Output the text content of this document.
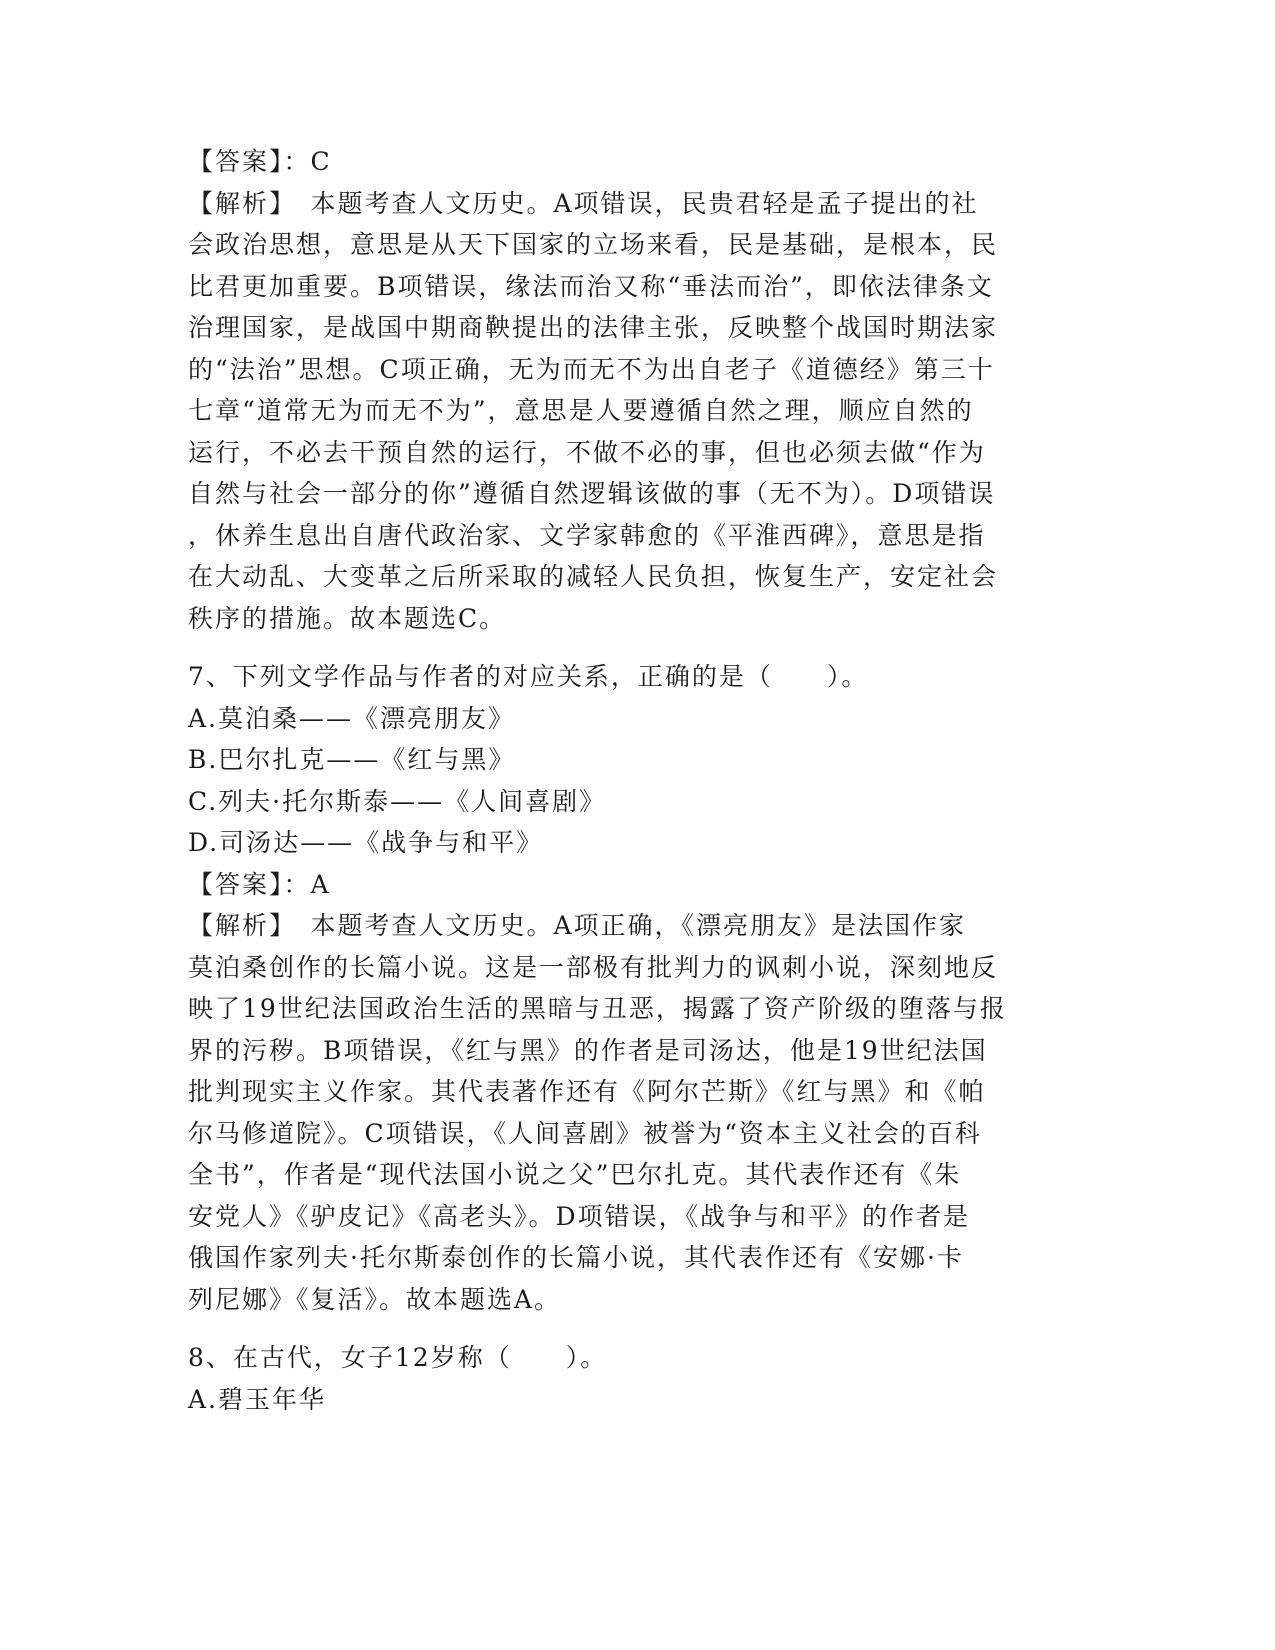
【答案】：C

【解析】　本题考查人文历史。A项错误，民贵君轻是孟子提出的社

会政治思想，意思是从天下国家的立场来看，民是基础，是根本，民

比君更加重要。B项错误，缘法而治又称“垂法而治”，即依法律条文

治理国家，是战国中期商鞅提出的法律主张，反映整个战国时期法家

的“法治”思想。C项正确，无为而无不为出自老子《道德经》第三十

七章“道常无为而无不为”，意思是人要遵循自然之理，顺应自然的

运行，不必去干预自然的运行，不做不必的事，但也必须去做“作为

自然与社会一部分的你”遵循自然逻辑该做的事（无不为）。D项错误

，休养生息出自唐代政治家、文学家韩愈的《平淮西碑》，意思是指

在大动乱、大变革之后所采取的减轻人民负担，恢复生产，安定社会

秩序的措施。故本题选C。

7、下列文学作品与作者的对应关系，正确的是（　　）。

A.莫泊桑——《漂亮朋友》

B.巴尔扎克——《红与黑》

C.列夫·托尔斯泰——《人间喜剧》

D.司汤达——《战争与和平》

【答案】：A

【解析】　本题考查人文历史。A项正确，《漂亮朋友》是法国作家

莫泊桑创作的长篇小说。这是一部极有批判力的讽刺小说，深刻地反

映了19世纪法国政治生活的黑暗与丑恶，揭露了资产阶级的堕落与报

界的污秽。B项错误，《红与黑》的作者是司汤达，他是19世纪法国

批判现实主义作家。其代表著作还有《阿尔芒斯》《红与黑》和《帕

尔马修道院》。C项错误，《人间喜剧》被誉为“资本主义社会的百科

全书”，作者是“现代法国小说之父”巴尔扎克。其代表作还有《朱

安党人》《驴皮记》《高老头》。D项错误，《战争与和平》的作者是

俄国作家列夫·托尔斯泰创作的长篇小说，其代表作还有《安娜·卡

列尼娜》《复活》。故本题选A。

8、在古代，女子12岁称（　　）。

A.碧玉年华
